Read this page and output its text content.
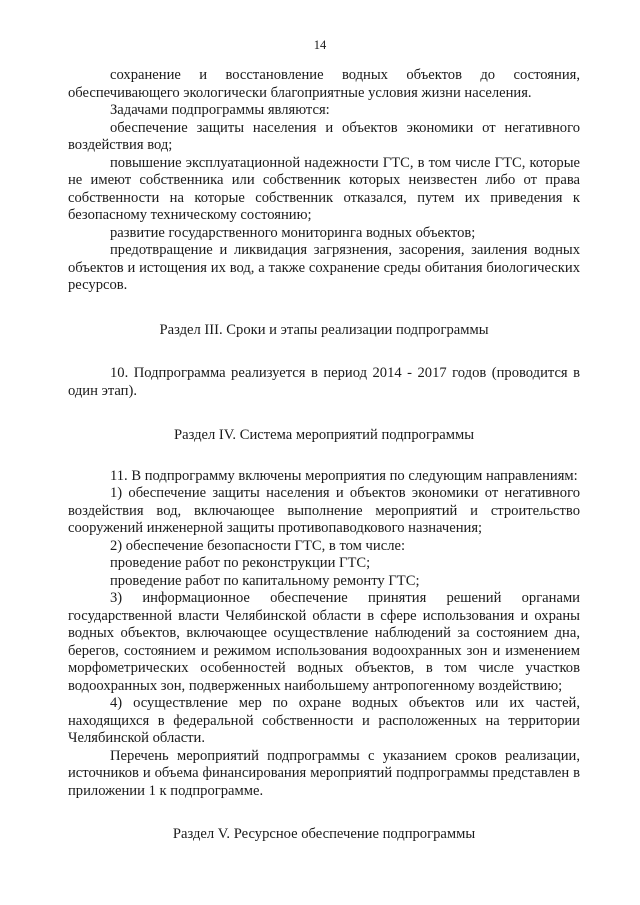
14

сохранение и восстановление водных объектов до состояния, обеспечивающего экологически благоприятные условия жизни населения.

Задачами подпрограммы являются:

обеспечение защиты населения и объектов экономики от негативного воздействия вод;

повышение эксплуатационной надежности ГТС, в том числе ГТС, которые не имеют собственника или собственник которых неизвестен либо от права собственности на которые собственник отказался, путем их приведения к безопасному техническому состоянию;

развитие государственного мониторинга водных объектов;

предотвращение и ликвидация загрязнения, засорения, заиления водных объектов и истощения их вод, а также сохранение среды обитания биологических ресурсов.

Раздел III. Сроки и этапы реализации подпрограммы

10. Подпрограмма реализуется в период 2014 - 2017 годов (проводится в один этап).

Раздел IV. Система мероприятий подпрограммы

11. В подпрограмму включены мероприятия по следующим направлениям:

1) обеспечение защиты населения и объектов экономики от негативного воздействия вод, включающее выполнение мероприятий и строительство сооружений инженерной защиты противопаводкового назначения;

2) обеспечение безопасности ГТС, в том числе:

проведение работ по реконструкции ГТС;

проведение работ по капитальному ремонту ГТС;

3) информационное обеспечение принятия решений органами государственной власти Челябинской области в сфере использования и охраны водных объектов, включающее осуществление наблюдений за состоянием дна, берегов, состоянием и режимом использования водоохранных зон и изменением морфометрических особенностей водных объектов, в том числе участков водоохранных зон, подверженных наибольшему антропогенному воздействию;

4) осуществление мер по охране водных объектов или их частей, находящихся в федеральной собственности и расположенных на территории Челябинской области.

Перечень мероприятий подпрограммы с указанием сроков реализации, источников и объема финансирования мероприятий подпрограммы представлен в приложении 1 к подпрограмме.

Раздел V. Ресурсное обеспечение подпрограммы
